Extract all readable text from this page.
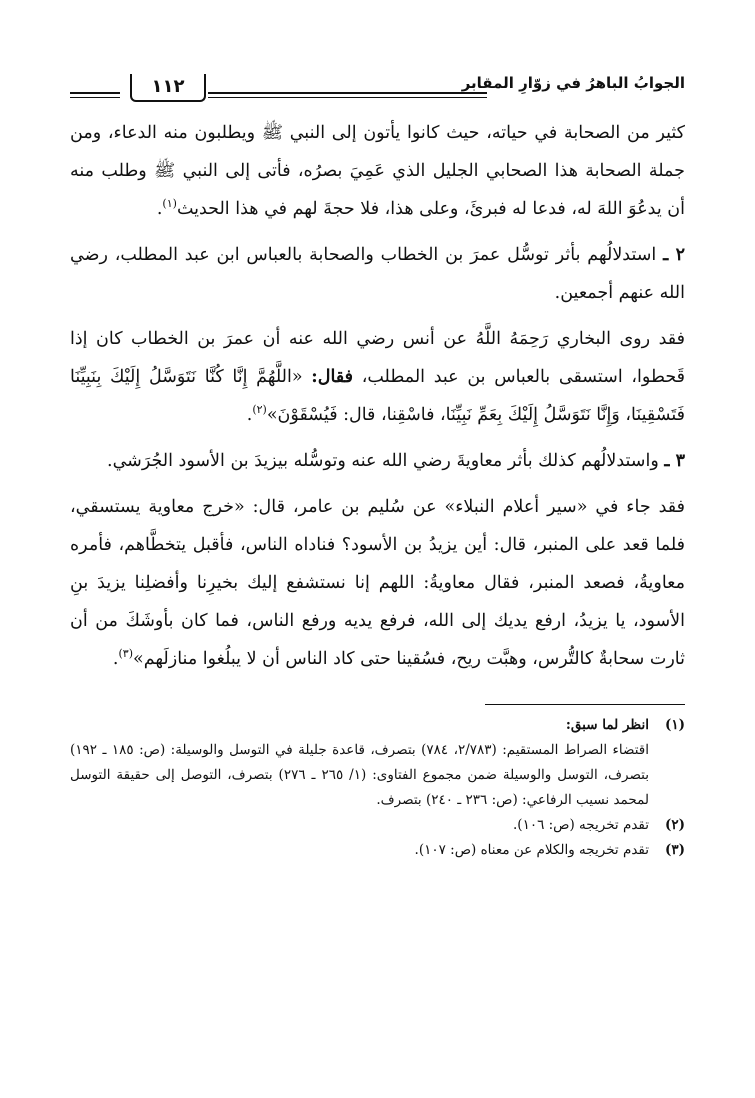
الجوابُ الباهرُ في زوّارِ المقابرِ
١١٢

كثير من الصحابة في حياته، حيث كانوا يأتون إلى النبي ﷺ ويطلبون منه الدعاء، ومن جملة الصحابة هذا الصحابي الجليل الذي عَمِيَ بصرُه، فأتى إلى النبي ﷺ وطلب منه أن يدعُوَ اللهَ له، فدعا له فبرئَ، وعلى هذا، فلا حجةَ لهم في هذا الحديث$^{(١)}$.

٢ ـ استدلالُهم بأثر توسُّل عمرَ بن الخطاب والصحابة بالعباس ابن عبد المطلب، رضي الله عنهم أجمعين.

فقد روى البخاري رَحِمَهُ اللَّهُ عن أنس رضي الله عنه أن عمرَ بن الخطاب كان إذا قَحطوا، استسقى بالعباس بن عبد المطلب، فقال: «اللَّهُمَّ إِنَّا كُنَّا نَتَوَسَّلُ إِلَيْكَ بِنَبِيِّنَا فَتَسْقِينَا، وَإِنَّا نَتَوَسَّلُ إِلَيْكَ بِعَمِّ نَبِيِّنَا، فاسْقِنا، قال: فَيُسْقَوْنَ»$^{(٢)}$.

٣ ـ واستدلالُهم كذلك بأثر معاويةَ رضي الله عنه وتوسُّله بيزيدَ بن الأسود الجُرَشي.

فقد جاء في «سير أعلام النبلاء» عن سُليم بن عامر، قال: «خرج معاوية يستسقي، فلما قعد على المنبر، قال: أين يزيدُ بن الأسود؟ فناداه الناس، فأقبل يتخطَّاهم، فأمره معاويةُ، فصعد المنبر، فقال معاويةُ: اللهم إنا نستشفع إليك بخيرِنا وأفضلِنا يزيدَ بنِ الأسود، يا يزيدُ، ارفع يديك إلى الله، فرفع يديه ورفع الناس، فما كان بأوشَكَ من أن ثارت سحابةٌ كالتُّرس، وهبَّت ريح، فسُقينا حتى كاد الناس أن لا يبلُغوا منازلَهم»$^{(٣)}$.

(١)
انظر لما سبق:

اقتضاء الصراط المستقيم: (٢/٧٨٣، ٧٨٤) بتصرف، قاعدة جليلة في التوسل والوسيلة: (ص: ١٨٥ ـ ١٩٢) بتصرف، التوسل والوسيلة ضمن مجموع الفتاوى: (١/ ٢٦٥ ـ ٢٧٦) بتصرف، التوصل إلى حقيقة التوسل لمحمد نسيب الرفاعي: (ص: ٢٣٦ ـ ٢٤٠) بتصرف.

(٢)

تقدم تخريجه (ص: ١٠٦).

(٣)

تقدم تخريجه والكلام عن معناه (ص: ١٠٧).
